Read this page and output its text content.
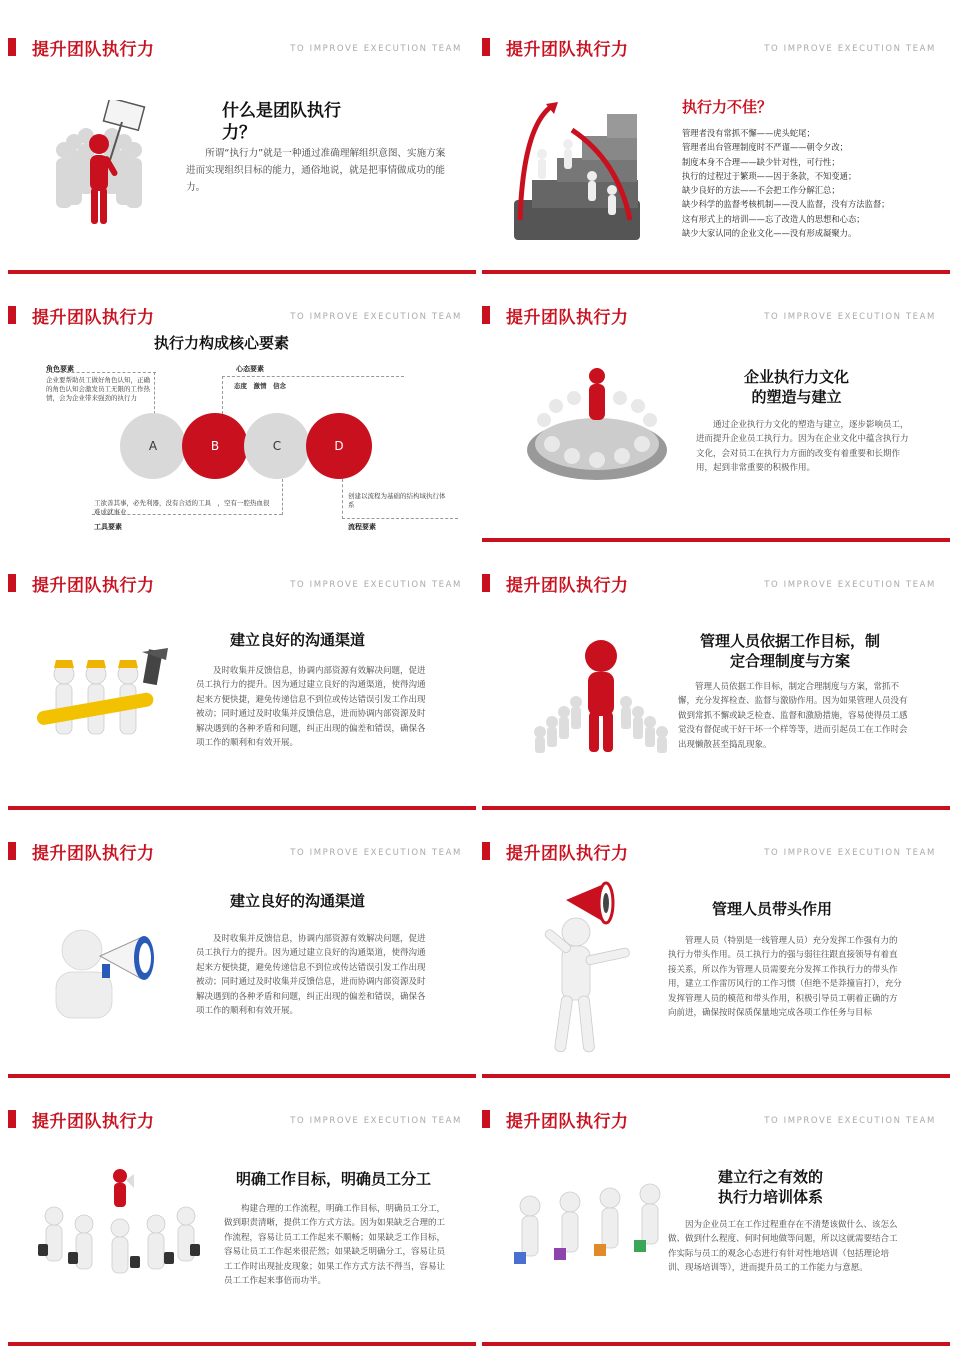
提升团队执行力	TO IMPROVE EXECUTION TEAM
什么是团队执行
力？
所谓“执行力”就是一种通过准确理解组织意图、实施方案进而实现组织目标的能力，通俗地说，就是把事情做成功的能力。
提升团队执行力	TO IMPROVE EXECUTION TEAM
执行力不佳？
管理者没有常抓不懈——虎头蛇尾；
管理者出台管理制度时不严谨——朝令夕改；
制度本身不合理——缺少针对性，可行性；
执行的过程过于繁琐——因于条款，不知变通；
缺少良好的方法——不会把工作分解汇总；
缺少科学的监督考核机制——没人监督，没有方法监督；
这有形式上的培训——忘了改造人的思想和心态；
缺少大家认同的企业文化——没有形成凝聚力。
提升团队执行力	TO IMPROVE EXECUTION TEAM
执行力构成核心要素
角色要素
企业要帮助员工做好角色认知，正确的角色认知会激发员工无限的工作热情，会为企业带来强劲的执行力
心态要素
态度　激情　信念
A	B	C	D
工欲善其事，必先利器，没有合适的工具　，空有一腔热血很难成就事业
工具要素
创建以流程为基础的结构域执行体系
流程要素
提升团队执行力	TO IMPROVE EXECUTION TEAM
企业执行力文化
的塑造与建立
通过企业执行力文化的塑造与建立，逐步影响员工，进而提升企业员工执行力。因为在企业文化中蕴含执行力文化，会对员工在执行力方面的改变有着重要和长期作用，起到非常重要的积极作用。
提升团队执行力	TO IMPROVE EXECUTION TEAM
建立良好的沟通渠道
及时收集并反馈信息，协调内部资源有效解决问题，促进员工执行力的提升。因为通过建立良好的沟通渠道，使得沟通起来方便快捷，避免传递信息不到位或传达错误引发工作出现被动；同时通过及时收集并反馈信息，进而协调内部资源及时解决遇到的各种矛盾和问题，纠正出现的偏差和错误，确保各项工作的顺利和有效开展。
提升团队执行力	TO IMPROVE EXECUTION TEAM
管理人员依据工作目标，制
定合理制度与方案
管理人员依据工作目标，制定合理制度与方案，常抓不懈，充分发挥检查、监督与激励作用。因为如果管理人员没有做到常抓不懈或缺乏检查、监督和激励措施，容易使得员工感觉没有督促或干好干坏一个样等等，进而引起员工在工作时会出现懒散甚至捣乱现象。
提升团队执行力	TO IMPROVE EXECUTION TEAM
建立良好的沟通渠道
及时收集并反馈信息，协调内部资源有效解决问题，促进员工执行力的提升。因为通过建立良好的沟通渠道，使得沟通起来方便快捷，避免传递信息不到位或传达错误引发工作出现被动；同时通过及时收集并反馈信息，进而协调内部资源及时解决遇到的各种矛盾和问题，纠正出现的偏差和错误，确保各项工作的顺利和有效开展。
提升团队执行力	TO IMPROVE EXECUTION TEAM
管理人员带头作用
管理人员（特别是一线管理人员）充分发挥工作强有力的执行力带头作用。员工执行力的强与弱往往跟直接领导有着直接关系，所以作为管理人员需要充分发挥工作执行力的带头作用，建立工作雷厉风行的工作习惯（但绝不是莽撞盲打），充分发挥管理人员的模范和带头作用，积极引导员工朝着正确的方向前进，确保按时保质保量地完成各项工作任务与目标
提升团队执行力	TO IMPROVE EXECUTION TEAM
明确工作目标，明确员工分工
构建合理的工作流程，明确工作目标，明确员工分工，做到职责清晰，提供工作方式方法。因为如果缺乏合理的工作流程，容易让员工工作起来不顺畅；如果缺乏工作目标，容易让员工工作起来很茫然；如果缺乏明确分工，容易让员工工作时出现扯皮现象；如果工作方式方法不得当，容易让员工工作起来事倍而功半。
提升团队执行力	TO IMPROVE EXECUTION TEAM
建立行之有效的
执行力培训体系
因为企业员工在工作过程重存在不清楚该做什么、该怎么做、做到什么程度、何时何地做等问题，所以这就需要结合工作实际与员工的观念心态进行有针对性地培训（包括理论培训、现场培训等），进而提升员工的工作能力与意愿。
